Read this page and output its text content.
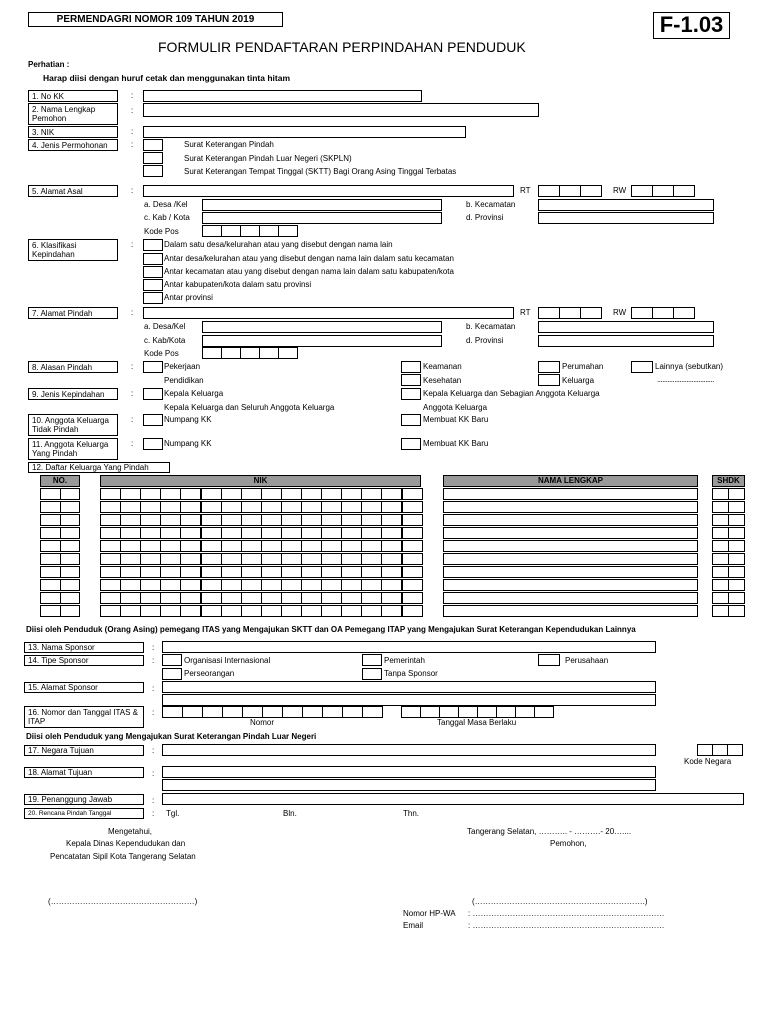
PERMENDAGRI NOMOR 109 TAHUN 2019	F-1.03
FORMULIR PENDAFTARAN PERPINDAHAN PENDUDUK
Perhatian :
Harap diisi dengan huruf cetak dan menggunakan tinta hitam
1. No KK	:
2. Nama Lengkap Pemohon
:
3. NIK	:
4. Jenis Permohonan	:	Surat Keterangan Pindah
Surat Keterangan Pindah Luar Negeri (SKPLN)
Surat Keterangan Tempat Tinggal (SKTT) Bagi Orang Asing Tinggal Terbatas
5. Alamat Asal	:	RT	RW
a. Desa /Kel	b. Kecamatan
c. Kab / Kota	d. Provinsi
Kode Pos
6. Klasifikasi Kepindahan
:	Dalam satu desa/kelurahan atau yang disebut dengan nama lain
Antar desa/kelurahan atau yang disebut dengan nama lain dalam satu kecamatan
Antar kecamatan atau yang disebut dengan nama lain dalam satu kabupaten/kota
Antar kabupaten/kota dalam satu provinsi
Antar provinsi
7. Alamat Pindah	:	RT	RW
a. Desa/Kel	b. Kecamatan
c. Kab/Kota	d. Provinsi
Kode Pos
8. Alasan Pindah	:	Pekerjaan
Pendidikan
Keamanan
Kesehatan
Perumahan
Keluarga
Lainnya (sebutkan)
.................................
9. Jenis Kepindahan	:	Kepala Keluarga
Kepala Keluarga dan Seluruh Anggota Keluarga
Kepala Keluarga dan Sebagian Anggota Keluarga
Anggota Keluarga
10. Anggota Keluarga Tidak Pindah
:	Numpang KK	Membuat KK Baru
11. Anggota Keluarga Yang Pindah
:	Numpang KK	Membuat KK Baru
12. Daftar Keluarga Yang Pindah
NO.	NIK	NAMA LENGKAP	SHDK
Diisi oleh Penduduk (Orang Asing) pemegang ITAS yang Mengajukan SKTT dan OA Pemegang ITAP yang Mengajukan Surat Keterangan Kependudukan Lainnya
13. Nama Sponsor	:
14. Tipe Sponsor	:	Organisasi Internasional	Pemerintah	Perusahaan
Perseorangan	Tanpa Sponsor
15. Alamat Sponsor	:
16. Nomor dan Tanggal ITAS & ITAP
:
Nomor	Tanggal Masa Berlaku
Diisi oleh Penduduk yang Mengajukan Surat Keterangan Pindah Luar Negeri
17. Negara Tujuan	:
Kode Negara
18. Alamat Tujuan	:
19. Penanggung Jawab	:
20. Rencana Pindah Tanggal	: Tgl.	Bln.	Thn.
Mengetahui,
Kepala Dinas Kependudukan dan
Pencatatan Sipil Kota Tangerang Selatan
Tangerang Selatan, ……….. - ……….- 20…....
Pemohon,
(………………………………………………)	(……………………………………………………….)
Nomor HP-WA : ………………………………………………………………
Email	: ………………………………………………………………
